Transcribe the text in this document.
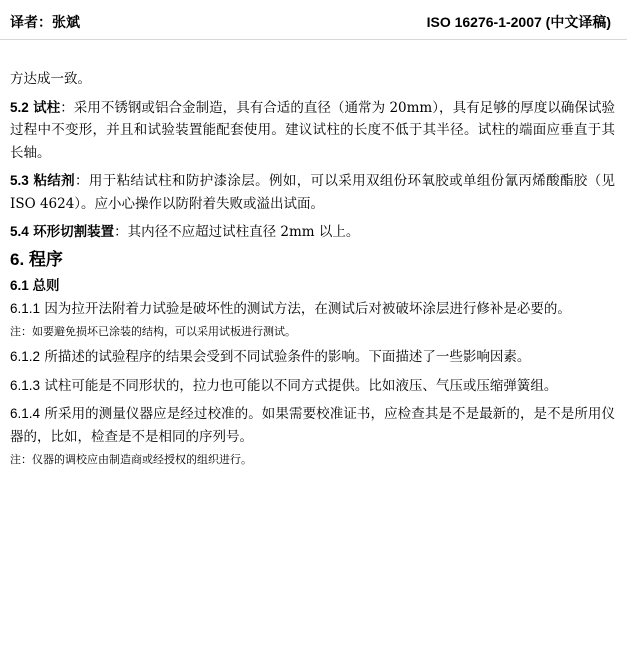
译者：张斌	ISO 16276-1-2007 (中文译稿)

方达成一致。

5.2 试柱：采用不锈钢或铝合金制造，具有合适的直径（通常为 20mm），具有足够的厚度以确保试验过程中不变形，并且和试验装置能配套使用。建议试柱的长度不低于其半径。试柱的端面应垂直于其长轴。

5.3 粘结剂：用于粘结试柱和防护漆涂层。例如，可以采用双组份环氧胶或单组份氰丙烯酸酯胶（见 ISO 4624）。应小心操作以防附着失败或溢出试面。

5.4 环形切割装置：其内径不应超过试柱直径 2mm 以上。

6. 程序

6.1 总则

6.1.1 因为拉开法附着力试验是破坏性的测试方法，在测试后对被破坏涂层进行修补是必要的。

注：如要避免损坏已涂装的结构，可以采用试板进行测试。

6.1.2 所描述的试验程序的结果会受到不同试验条件的影响。下面描述了一些影响因素。

6.1.3 试柱可能是不同形状的，拉力也可能以不同方式提供。比如液压、气压或压缩弹簧组。

6.1.4 所采用的测量仪器应是经过校准的。如果需要校准证书，应检查其是不是最新的，是不是所用仪器的，比如，检查是不是相同的序列号。

注：仪器的调校应由制造商或经授权的组织进行。
